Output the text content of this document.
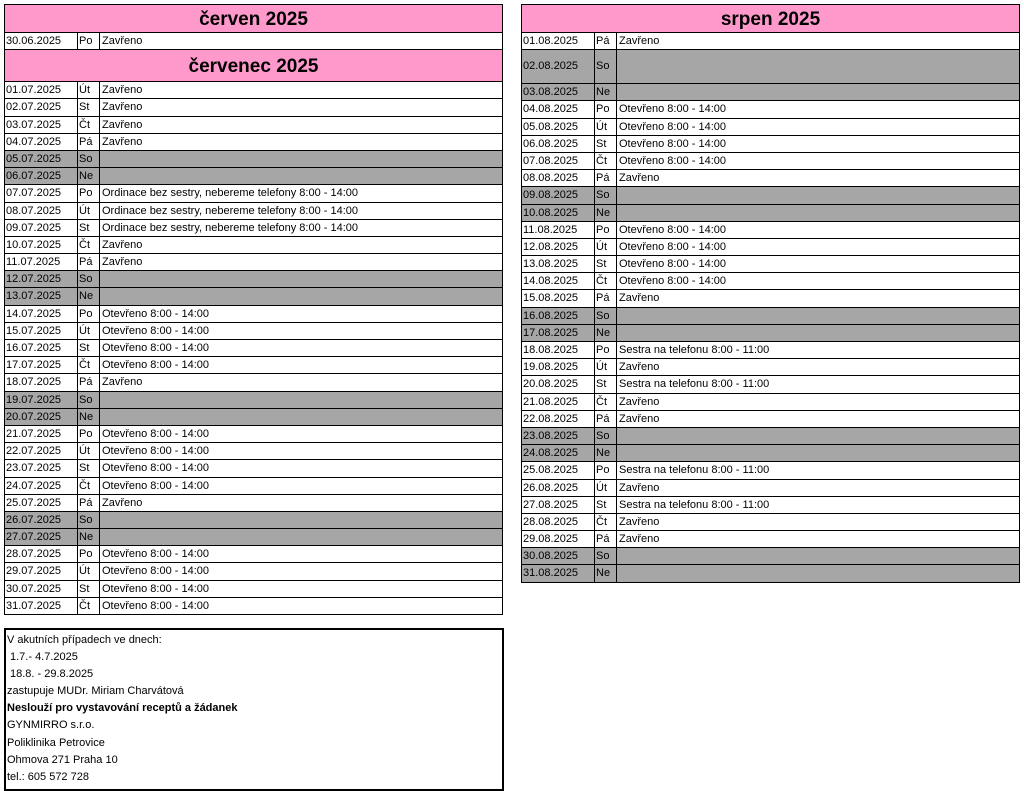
červen 2025
30.06.2025	Po Zavřeno
červenec 2025
01.07.2025	Út	Zavřeno
02.07.2025	St	Zavřeno
03.07.2025	Čt	Zavřeno
04.07.2025	Pá Zavřeno
05.07.2025	So
06.07.2025	Ne
07.07.2025	Po Ordinace bez sestry, nebereme telefony 8:00 - 14:00
08.07.2025	Út	Ordinace bez sestry, nebereme telefony 8:00 - 14:00
09.07.2025	St	Ordinace bez sestry, nebereme telefony 8:00 - 14:00
10.07.2025	Čt	Zavřeno
11.07.2025	Pá Zavřeno
12.07.2025	So
13.07.2025	Ne
14.07.2025	Po Otevřeno 8:00 - 14:00
15.07.2025	Út	Otevřeno 8:00 - 14:00
16.07.2025	St	Otevřeno 8:00 - 14:00
17.07.2025	Čt	Otevřeno 8:00 - 14:00
18.07.2025	Pá Zavřeno
19.07.2025	So
20.07.2025	Ne
21.07.2025	Po Otevřeno 8:00 - 14:00
22.07.2025	Út	Otevřeno 8:00 - 14:00
23.07.2025	St	Otevřeno 8:00 - 14:00
24.07.2025	Čt	Otevřeno 8:00 - 14:00
25.07.2025	Pá Zavřeno
26.07.2025	So
27.07.2025	Ne
28.07.2025	Po Otevřeno 8:00 - 14:00
29.07.2025	Út	Otevřeno 8:00 - 14:00
30.07.2025	St	Otevřeno 8:00 - 14:00
31.07.2025	Čt	Otevřeno 8:00 - 14:00
srpen 2025
01.08.2025	Pá Zavřeno
02.08.2025	So
03.08.2025	Ne
04.08.2025	Po Otevřeno 8:00 - 14:00
05.08.2025	Út	Otevřeno 8:00 - 14:00
06.08.2025	St	Otevřeno 8:00 - 14:00
07.08.2025	Čt	Otevřeno 8:00 - 14:00
08.08.2025	Pá Zavřeno
09.08.2025	So
10.08.2025	Ne
11.08.2025	Po Otevřeno 8:00 - 14:00
12.08.2025	Út	Otevřeno 8:00 - 14:00
13.08.2025	St	Otevřeno 8:00 - 14:00
14.08.2025	Čt	Otevřeno 8:00 - 14:00
15.08.2025	Pá Zavřeno
16.08.2025	So
17.08.2025	Ne
18.08.2025	Po Sestra na telefonu 8:00 - 11:00
19.08.2025	Út	Zavřeno
20.08.2025	St	Sestra na telefonu 8:00 - 11:00
21.08.2025	Čt	Zavřeno
22.08.2025	Pá Zavřeno
23.08.2025	So
24.08.2025	Ne
25.08.2025	Po Sestra na telefonu 8:00 - 11:00
26.08.2025	Út	Zavřeno
27.08.2025	St	Sestra na telefonu 8:00 - 11:00
28.08.2025	Čt	Zavřeno
29.08.2025	Pá Zavřeno
30.08.2025	So
31.08.2025	Ne
V akutních případech ve dnech:
1.7.- 4.7.2025
18.8. - 29.8.2025
zastupuje MUDr. Miriam Charvátová
Neslouží pro vystavování receptů a žádanek
GYNMIRRO s.r.o.
Poliklinika Petrovice
Ohmova 271 Praha 10
tel.: 605 572 728
